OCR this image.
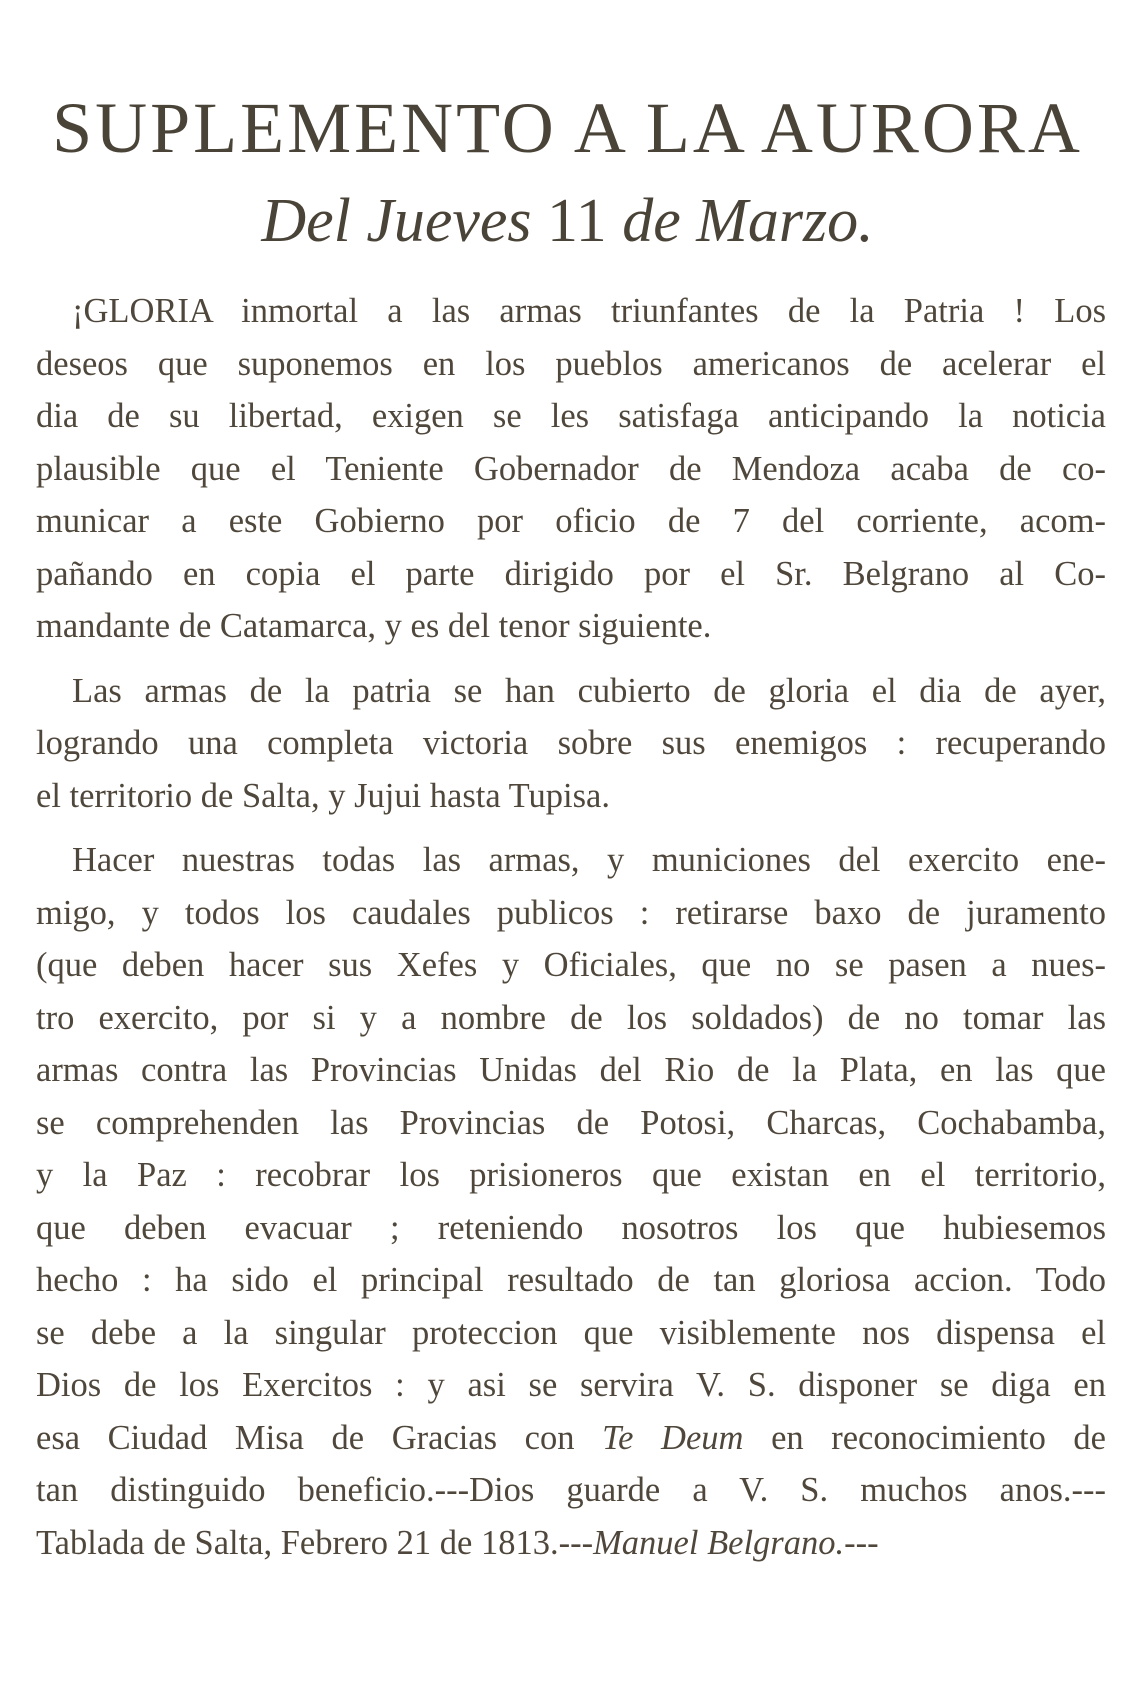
SUPLEMENTO A LA AURORA
Del Jueves 11 de Marzo.

¡GLORIA inmortal a las armas triunfantes de la Patria ! Los
deseos que suponemos en los pueblos americanos de acelerar el
dia de su libertad, exigen se les satisfaga anticipando la noticia
plausible que el Teniente Gobernador de Mendoza acaba de co-
municar a este Gobierno por oficio de 7 del corriente, acom-
pañando en copia el parte dirigido por el Sr. Belgrano al Co-
mandante de Catamarca, y es del tenor siguiente.

Las armas de la patria se han cubierto de gloria el dia de ayer,
logrando una completa victoria sobre sus enemigos : recuperando
el territorio de Salta, y Jujui hasta Tupisa.

Hacer nuestras todas las armas, y municiones del exercito ene-
migo, y todos los caudales publicos : retirarse baxo de juramento
(que deben hacer sus Xefes y Oficiales, que no se pasen a nues-
tro exercito, por si y a nombre de los soldados) de no tomar las
armas contra las Provincias Unidas del Rio de la Plata, en las que
se comprehenden las Provincias de Potosi, Charcas, Cochabamba,
y la Paz : recobrar los prisioneros que existan en el territorio,
que deben evacuar ; reteniendo nosotros los que hubiesemos
hecho : ha sido el principal resultado de tan gloriosa accion. Todo
se debe a la singular proteccion que visiblemente nos dispensa el
Dios de los Exercitos : y asi se servira V. S. disponer se diga en
esa Ciudad Misa de Gracias con Te Deum en reconocimiento de
tan distinguido beneficio.---Dios guarde a V. S. muchos anos.---
Tablada de Salta, Febrero 21 de 1813.---Manuel Belgrano.---
